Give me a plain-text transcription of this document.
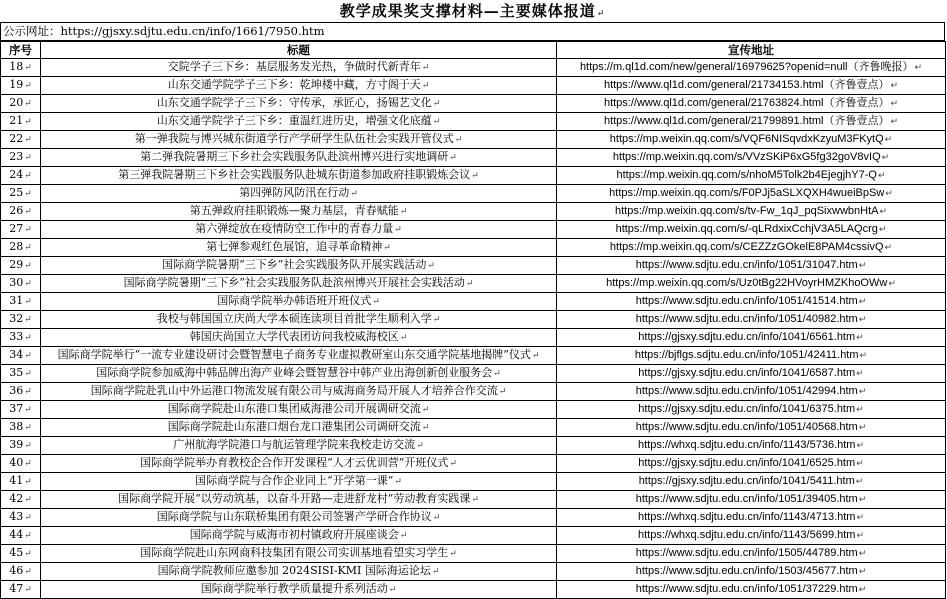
教学成果奖支撑材料—主要媒体报道↵
公示网址：https://gjsxy.sdjtu.edu.cn/info/1661/7950.htm
序号	标题	宣传地址
18↵	交院学子三下乡：基层服务发光热，争做时代新青年↵	https://m.ql1d.com/new/general/16979625?openid=null（齐鲁晚报）↵
19↵	山东交通学院学子三下乡：乾坤楼中藏，方寸阁于天↵	https://www.ql1d.com/general/21734153.html（齐鲁壹点）↵
20↵	山东交通学院学子三下乡：守传承，承匠心，扬锡艺文化↵	https://www.ql1d.com/general/21763824.html（齐鲁壹点）↵
21↵	山东交通学院学子三下乡：重温红进历史，增强文化底蕴↵	https://www.ql1d.com/general/21799891.html（齐鲁壹点）↵
22↵	第一弹我院与博兴城东街道学行产学研学生队伍社会实践开管仪式↵	https://mp.weixin.qq.com/s/VQF6NISqvdxKzyuM3FKytQ↵
23↵	第二弹我院暑期三下乡社会实践服务队赴滨州博兴进行实地调研↵	https://mp.weixin.qq.com/s/VVzSKiP6xG5fg32goV8vIQ↵
24↵	第三弹我院暑期三下乡社会实践服务队赴城东街道参加政府挂职锻炼会议↵	https://mp.weixin.qq.com/s/nhoM5Tolk2b4EjegjhY7-Q↵
25↵	第四弹防风防汛在行动↵	https://mp.weixin.qq.com/s/F0PJj5aSLXQXH4wueiBpSw↵
26↵	第五弹政府挂职锻炼—聚力基层，青春赋能↵	https://mp.weixin.qq.com/s/tv-Fw_1qJ_pqSixwwbnHtA↵
27↵	第六弹绽放在疫情防空工作中的青春力量↵	https://mp.weixin.qq.com/s/-qLRdxixCchjV3A5LAQcrg↵
28↵	第七弹参观红色展馆，追寻革命精神↵	https://mp.weixin.qq.com/s/CEZZzGOkelE8PAM4cssivQ↵
29↵	国际商学院暑期“三下乡”社会实践服务队开展实践活动↵	https://www.sdjtu.edu.cn/info/1051/31047.htm↵
30↵	国际商学院暑期“三下乡”社会实践服务队赴滨州博兴开展社会实践活动↵	https://mp.weixin.qq.com/s/Uz0tBg22HVoyrHMZKhoOWw↵
31↵	国际商学院举办韩语班开班仪式↵	https://www.sdjtu.edu.cn/info/1051/41514.htm↵
32↵	我校与韩国国立庆尚大学本硕连读项目首批学生顺利入学↵	https://www.sdjtu.edu.cn/info/1051/40982.htm↵
33↵	韩国庆尚国立大学代表团访问我校威海校区↵	https://gjsxy.sdjtu.edu.cn/info/1041/6561.htm↵
34↵	国际商学院举行“一流专业建设研讨会暨智慧电子商务专业虚拟教研室山东交通学院基地揭牌”仪式↵	https://bjflgs.sdjtu.edu.cn/info/1051/42411.htm↵
35↵	国际商学院参加威海中韩品牌出海产业峰会暨智慧谷中韩产业出海创新创业服务会↵	https://gjsxy.sdjtu.edu.cn/info/1041/6587.htm↵
36↵	国际商学院赴乳山中外运港口物流发展有限公司与威海商务局开展人才培养合作交流↵	https://www.sdjtu.edu.cn/info/1051/42994.htm↵
37↵	国际商学院赴山东港口集团威海港公司开展调研交流↵	https://gjsxy.sdjtu.edu.cn/info/1041/6375.htm↵
38↵	国际商学院赴山东港口烟台龙口港集团公司调研交流↵	https://www.sdjtu.edu.cn/info/1051/40568.htm↵
39↵	广州航海学院港口与航运管理学院来我校走访交流↵	https://whxq.sdjtu.edu.cn/info/1143/5736.htm↵
40↵	国际商学院举办育教校企合作开发课程“人才云优训营”开班仪式↵	https://gjsxy.sdjtu.edu.cn/info/1041/6525.htm↵
41↵	国际商学院与合作企业同上“开学第一课”↵	https://gjsxy.sdjtu.edu.cn/info/1041/5411.htm↵
42↵	国际商学院开展“以劳动筑基，以奋斗开路—走进舒龙村”劳动教育实践课↵	https://www.sdjtu.edu.cn/info/1051/39405.htm↵
43↵	国际商学院与山东联桥集团有限公司签署产学研合作协议↵	https://whxq.sdjtu.edu.cn/info/1143/4713.htm↵
44↵	国际商学院与威海市初村镇政府开展座谈会↵	https://whxq.sdjtu.edu.cn/info/1143/5699.htm↵
45↵	国际商学院赴山东网商科技集团有限公司实训基地看望实习学生↵	https://www.sdjtu.edu.cn/info/1505/44789.htm↵
46↵	国际商学院教师应邀参加 2024SISI-KMI 国际海运论坛↵	https://www.sdjtu.edu.cn/info/1503/45677.htm↵
47↵	国际商学院举行教学质量提升系列活动↵	https://www.sdjtu.edu.cn/info/1051/37229.htm↵
